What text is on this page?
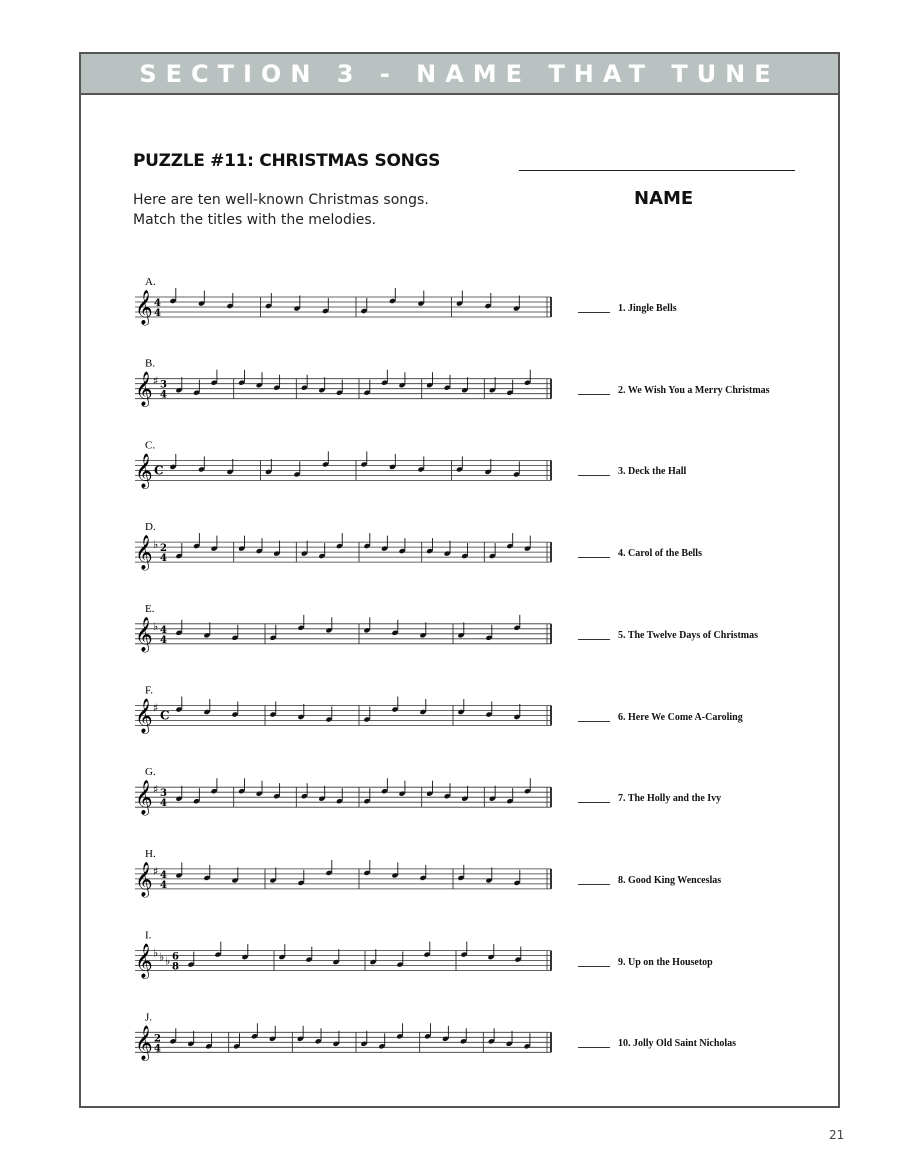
SECTION 3 - NAME THAT TUNE
PUZZLE #11: CHRISTMAS SONGS
Here are ten well-known Christmas songs. Match the titles with the melodies.
NAME
A.
𝄞 4
4
B.
𝄞 ♯ 3
4
C.
𝄞 C
D.
𝄞 ♭ 2
4
E.
𝄞 ♭ 4
4
F.
𝄞 ♯
C
G.
𝄞 ♯ 3
4
H.
𝄞 ♯ 4
4
I.
𝄞 ♭ ♭ ♭ 6
8
J.
𝄞 2
4
1. Jingle Bells
2. We Wish You a Merry Christmas
3. Deck the Hall
4. Carol of the Bells
5. The Twelve Days of Christmas
6. Here We Come A-Caroling
7. The Holly and the Ivy
8. Good King Wenceslas
9. Up on the Housetop
10. Jolly Old Saint Nicholas
21
